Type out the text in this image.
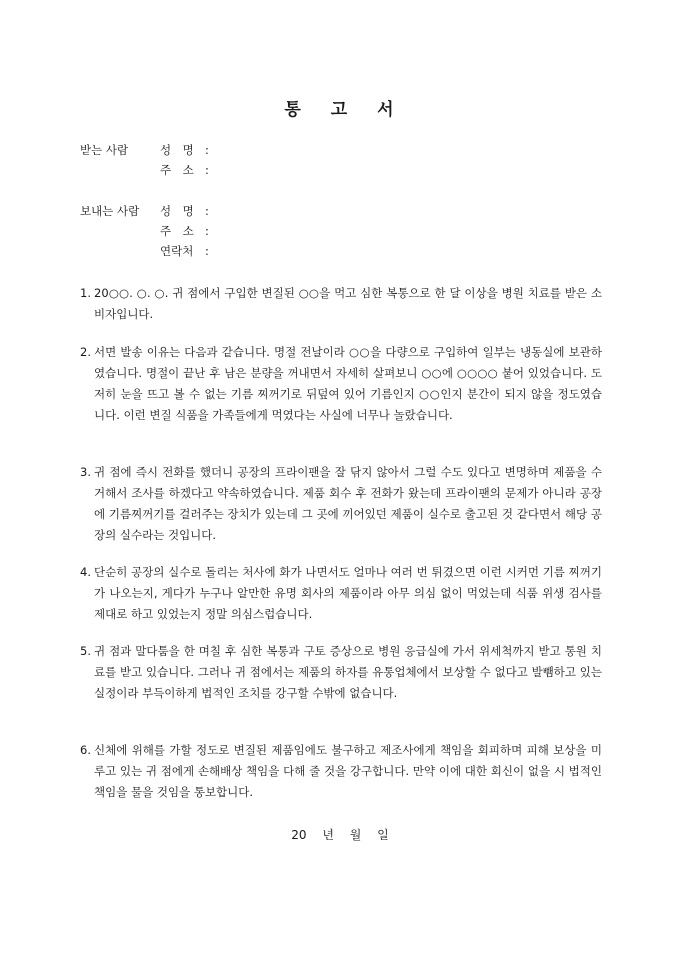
통 고 서
받는 사람	성　명 :
주　소 :
보내는 사람 성　명 :
주　소 :
연락처 :
1. 20○○. ○. ○. 귀 점에서 구입한 변질된 ○○을 먹고 심한 복통으로 한 달 이상을 병원 치료를 받은 소비자입니다.
2. 서면 발송 이유는 다음과 같습니다. 명절 전날이라 ○○을 다량으로 구입하여 일부는 냉동실에 보관하였습니다. 명절이 끝난 후 남은 분량을 꺼내면서 자세히 살펴보니 ○○에 ○○○○ 붙어 있었습니다. 도저히 눈을 뜨고 볼 수 없는 기름 찌꺼기로 뒤덮여 있어 기름인지 ○○인지 분간이 되지 않을 정도였습니다. 이런 변질 식품을 가족들에게 먹였다는 사실에 너무나 놀랐습니다.
3. 귀 점에 즉시 전화를 했더니 공장의 프라이팬을 잘 닦지 않아서 그럴 수도 있다고 변명하며 제품을 수거해서 조사를 하겠다고 약속하였습니다. 제품 회수 후 전화가 왔는데 프라이팬의 문제가 아니라 공장에 기름찌꺼기를 걸러주는 장치가 있는데 그 곳에 끼어있던 제품이 실수로 출고된 것 같다면서 해당 공장의 실수라는 것입니다.
4. 단순히 공장의 실수로 돌리는 처사에 화가 나면서도 얼마나 여러 번 튀겼으면 이런 시커먼 기름 찌꺼기가 나오는지, 게다가 누구나 알만한 유명 회사의 제품이라 아무 의심 없이 먹었는데 식품 위생 검사를 제대로 하고 있었는지 정말 의심스럽습니다.
5. 귀 점과 말다툼을 한 며칠 후 심한 복통과 구토 증상으로 병원 응급실에 가서 위세척까지 받고 통원 치료를 받고 있습니다. 그러나 귀 점에서는 제품의 하자를 유통업체에서 보상할 수 없다고 발뺌하고 있는 실정이라 부득이하게 법적인 조치를 강구할 수밖에 없습니다.
6. 신체에 위해를 가할 정도로 변질된 제품임에도 불구하고 제조사에게 책임을 회피하며 피해 보상을 미루고 있는 귀 점에게 손해배상 책임을 다해 줄 것을 강구합니다. 만약 이에 대한 회신이 없을 시 법적인 책임을 물을 것임을 통보합니다.
20 년 월 일
